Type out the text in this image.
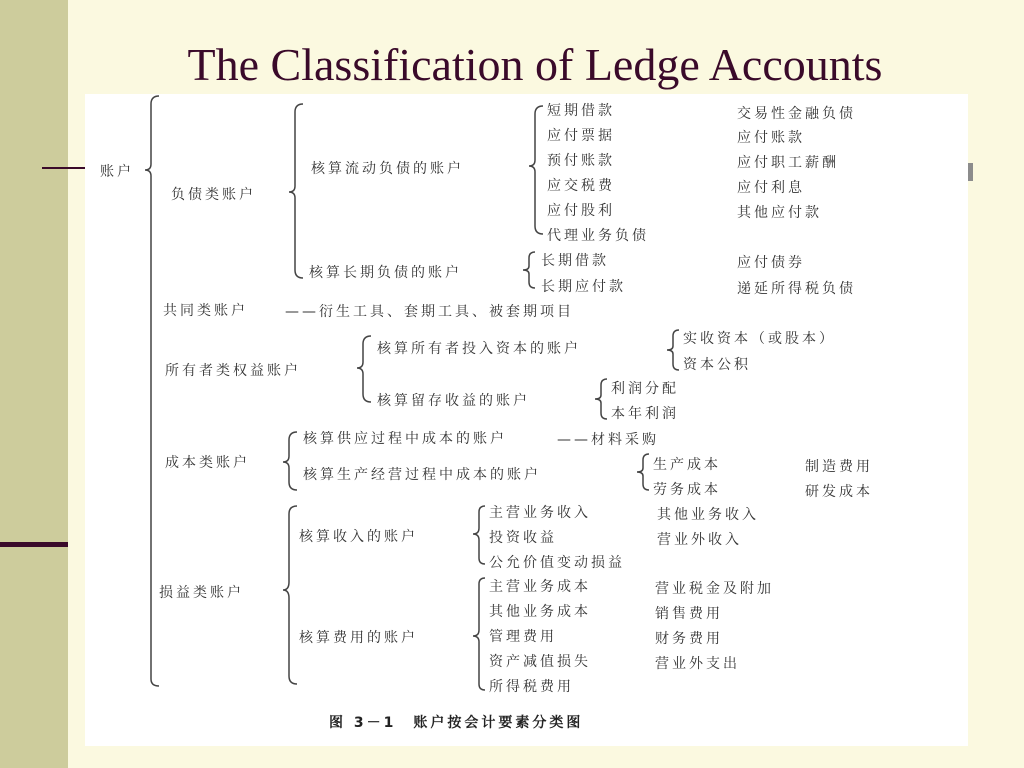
The Classification of Ledge Accounts
账户
负债类账户
核算流动负债的账户
短期借款
应付票据
预付账款
应交税费
应付股利
代理业务负债
交易性金融负债
应付账款
应付职工薪酬
应付利息
其他应付款
核算长期负债的账户
长期借款
长期应付款
应付债券
递延所得税负债
共同类账户	——衍生工具、套期工具、被套期项目
所有者类权益账户
核算所有者投入资本的账户
实收资本（或股本）
资本公积
核算留存收益的账户
利润分配
本年利润
成本类账户
核算供应过程中成本的账户	——材料采购
核算生产经营过程中成本的账户
生产成本
劳务成本
制造费用
研发成本
损益类账户
核算收入的账户
主营业务收入
投资收益
公允价值变动损益
其他业务收入
营业外收入
核算费用的账户
主营业务成本
其他业务成本
管理费用
资产减值损失
所得税费用
营业税金及附加
销售费用
财务费用
营业外支出
图 3－1　账户按会计要素分类图
